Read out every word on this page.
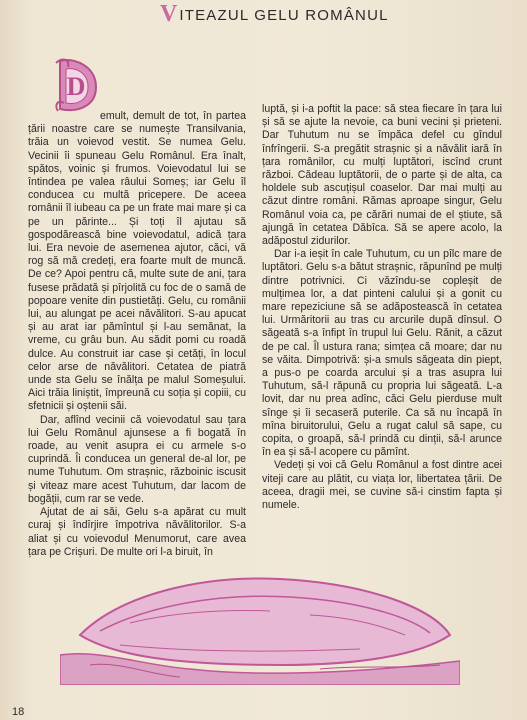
V ITEAZUL GELU ROMÂNUL
D

emult, demult de tot, în partea țării noastre care se numește Transilvania, trăia un voievod vestit. Se numea Gelu. Vecinii îi spuneau Gelu Românul. Era înalt, spătos, voinic și frumos. Voievodatul lui se întindea pe valea râului Someș; iar Gelu îl conducea cu multă pricepere. De aceea românii îl iubeau ca pe un frate mai mare și ca pe un părinte... Și toți îl ajutau să gospodărească bine voievodatul, adică țara lui. Era nevoie de asemenea ajutor, căci, vă rog să mă credeți, era foarte mult de muncă. De ce? Apoi pentru că, multe sute de ani, țara fusese prădată și pîrjolită cu foc de o samă de popoare venite din pustietăți. Gelu, cu românii lui, au alungat pe acei năvălitori. S-au apucat și au arat iar pămîntul și l-au semănat, la vreme, cu grâu bun. Au sădit pomi cu roadă dulce. Au construit iar case și cetăți, în locul celor arse de năvălitori. Cetatea de piatră unde sta Gelu se înălța pe malul Someșului. Aici trăia liniștit, împreună cu soția și copiii, cu sfetnicii și oștenii săi.

Dar, aflînd vecinii că voievodatul sau țara lui Gelu Românul ajunsese a fi bogată în roade, au venit asupra ei cu armele s-o cuprindă. Îi conducea un general de-al lor, pe nume Tuhutum. Om strașnic, războinic iscusit și viteaz mare acest Tuhutum, dar lacom de bogății, cum rar se vede.

Ajutat de ai săi, Gelu s-a apărat cu mult curaj și îndîrjire împotriva năvălitorilor. S-a aliat și cu voievodul Menumorut, care avea țara pe Crișuri. De multe ori l-a biruit, în

luptă, și i-a poftit la pace: să stea fiecare în țara lui și să se ajute la nevoie, ca buni vecini și prieteni. Dar Tuhutum nu se împăca defel cu gîndul înfrîngerii. S-a pregătit strașnic și a năvălit iară în țara românilor, cu mulți luptători, iscînd crunt război. Cădeau luptătorii, de o parte și de alta, ca holdele sub ascuțișul coaselor. Dar mai mulți au căzut dintre români. Rămas aproape singur, Gelu Românul voia ca, pe cărări numai de el știute, să ajungă în cetatea Dăbîca. Să se apere acolo, la adăpostul zidurilor.

Dar i-a ieșit în cale Tuhutum, cu un pîlc mare de luptători. Gelu s-a bătut strașnic, răpunînd pe mulți dintre potrivnici. Ci văzîndu-se copleșit de mulțimea lor, a dat pinteni calului și a gonit cu mare repeziciune să se adăpostească în cetatea lui. Urmăritorii au tras cu arcurile după dînsul. O săgeată s-a înfipt în trupul lui Gelu. Rănit, a căzut de pe cal. Îl ustura rana; simțea că moare; dar nu se văita. Dimpotrivă: și-a smuls săgeata din piept, a pus-o pe coarda arcului și a tras asupra lui Tuhutum, să-l răpună cu propria lui săgeată. L-a lovit, dar nu prea adînc, căci Gelu pierduse mult sînge și îi secaseră puterile. Ca să nu încapă în mîna biruitorului, Gelu a rugat calul să sape, cu copita, o groapă, să-l prindă cu dinții, să-l arunce în ea și să-l acopere cu pămînt.

Vedeți și voi că Gelu Românul a fost dintre acei viteji care au plătit, cu viața lor, libertatea țării. De aceea, dragii mei, se cuvine să-i cinstim fapta și numele.

18
